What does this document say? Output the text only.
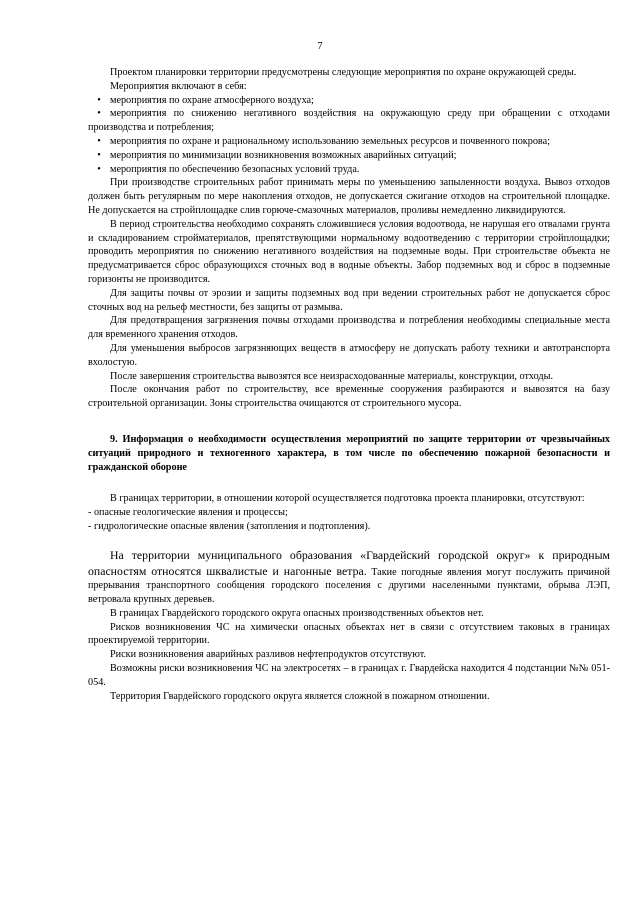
7

Проектом планировки территории предусмотрены следующие мероприятия по охране окружающей среды.

Мероприятия включают в себя:

• мероприятия по охране атмосферного воздуха;

• мероприятия по снижению негативного воздействия на окружающую среду при обращении с отходами производства и потребления;

• мероприятия по охране и рациональному использованию земельных ресурсов и почвенного покрова;

• мероприятия по минимизации возникновения возможных аварийных ситуаций;

• мероприятия по обеспечению безопасных условий труда.

При производстве строительных работ принимать меры по уменьшению запыленности воздуха. Вывоз отходов должен быть регулярным по мере накопления отходов, не допускается сжигание отходов на строительной площадке. Не допускается на стройплощадке слив горюче-смазочных материалов, проливы немедленно ликвидируются.

В период строительства необходимо сохранять сложившиеся условия водоотвода, не нарушая его отвалами грунта и складированием стройматериалов, препятствующими нормальному водоотведению с территории стройплощадки; проводить мероприятия по снижению негативного воздействия на подземные воды. При строительстве объекта не предусматривается сброс образующихся сточных вод в водные объекты. Забор подземных вод и сброс в подземные горизонты не производится.

Для защиты почвы от эрозии и защиты подземных вод при ведении строительных работ не допускается сброс сточных вод на рельеф местности, без защиты от размыва.

Для предотвращения загрязнения почвы отходами производства и потребления необходимы специальные места для временного хранения отходов.

Для уменьшения выбросов загрязняющих веществ в атмосферу не допускать работу техники и автотранспорта вхолостую.

После завершения строительства вывозятся все неизрасходованные материалы, конструкции, отходы.

После окончания работ по строительству, все временные сооружения разбираются и вывозятся на базу строительной организации. Зоны строительства очищаются от строительного мусора.

9. Информация о необходимости осуществления мероприятий по защите территории от чрезвычайных ситуаций природного и техногенного характера, в том числе по обеспечению пожарной безопасности и гражданской обороне

В границах территории, в отношении которой осуществляется подготовка проекта планировки, отсутствуют:

- опасные геологические явления и процессы;

- гидрологические опасные явления (затопления и подтопления).

На территории муниципального образования «Гвардейский городской округ» к природным опасностям относятся шквалистые и нагонные ветра. Такие погодные явления могут послужить причиной прерывания транспортного сообщения городского поселения с другими населенными пунктами, обрыва ЛЭП, ветровала крупных деревьев.

В границах Гвардейского городского округа опасных производственных объектов нет.

Рисков возникновения ЧС на химически опасных объектах нет в связи с отсутствием таковых в границах проектируемой территории.

Риски возникновения аварийных разливов нефтепродуктов отсутствуют.

Возможны риски возникновения ЧС на электросетях – в границах г. Гвардейска находится 4 подстанции №№ 051-054.

Территория Гвардейского городского округа является сложной в пожарном отношении.
